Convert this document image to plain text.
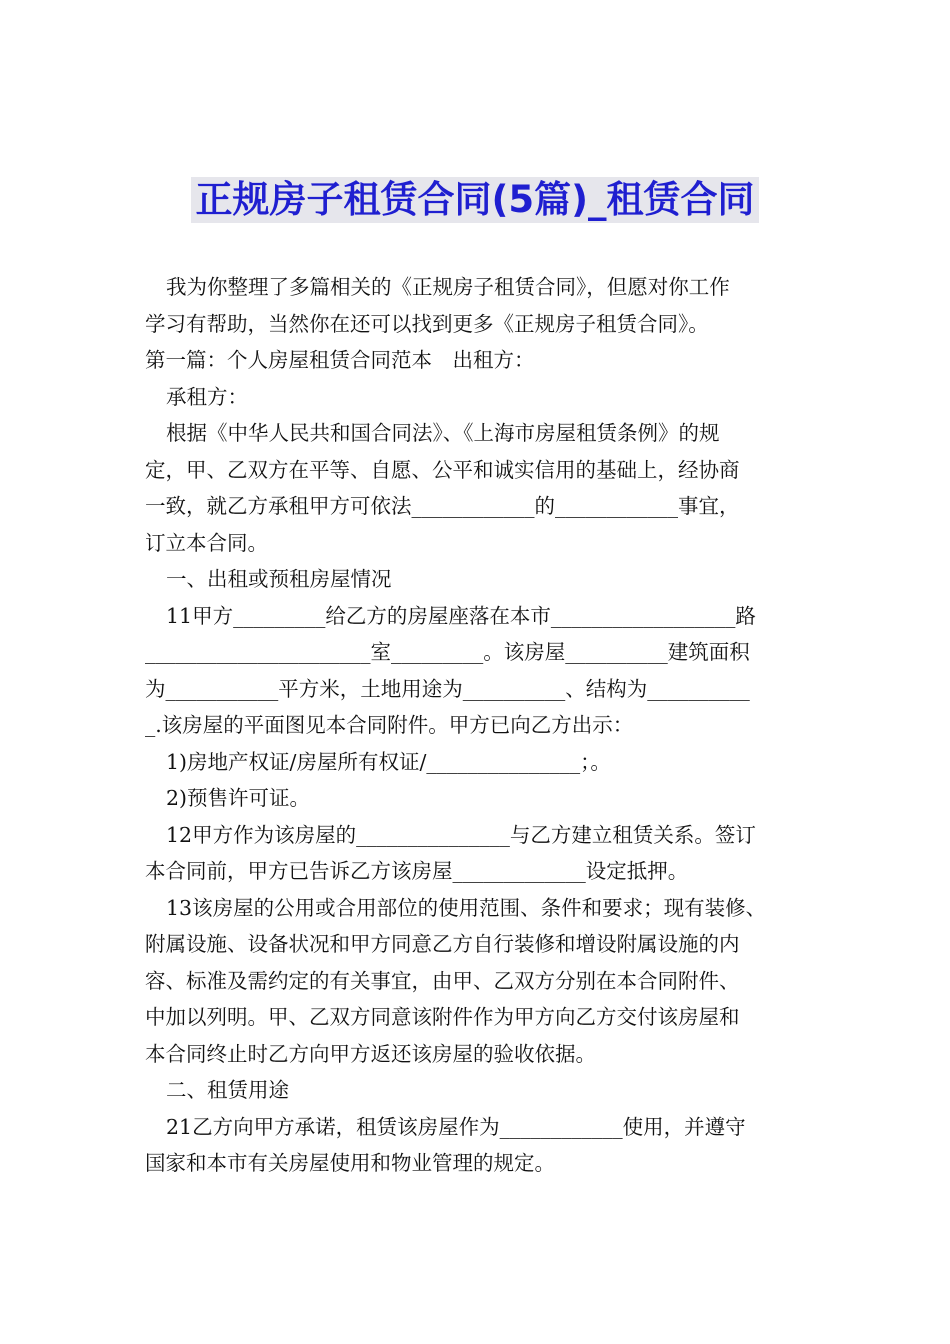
正规房子租赁合同(5篇)_租赁合同
我为你整理了多篇相关的《正规房子租赁合同》，但愿对你工作
学习有帮助，当然你在还可以找到更多《正规房子租赁合同》。
第一篇：个人房屋租赁合同范本　出租方：
承租方：
根据《中华人民共和国合同法》、《上海市房屋租赁条例》的规
定，甲、乙双方在平等、自愿、公平和诚实信用的基础上，经协商
一致，就乙方承租甲方可依法____________的____________事宜，
订立本合同。
一、出租或预租房屋情况
11甲方_________给乙方的房屋座落在本市__________________路
______________________室_________。该房屋__________建筑面积
为___________平方米，土地用途为__________、结构为__________
_.该房屋的平面图见本合同附件。甲方已向乙方出示：
1)房地产权证/房屋所有权证/_______________；。
2)预售许可证。
12甲方作为该房屋的_______________与乙方建立租赁关系。签订
本合同前，甲方已告诉乙方该房屋_____________设定抵押。
13该房屋的公用或合用部位的使用范围、条件和要求；现有装修、
附属设施、设备状况和甲方同意乙方自行装修和增设附属设施的内
容、标准及需约定的有关事宜，由甲、乙双方分别在本合同附件、
中加以列明。甲、乙双方同意该附件作为甲方向乙方交付该房屋和
本合同终止时乙方向甲方返还该房屋的验收依据。
二、租赁用途
21乙方向甲方承诺，租赁该房屋作为____________使用，并遵守
国家和本市有关房屋使用和物业管理的规定。
